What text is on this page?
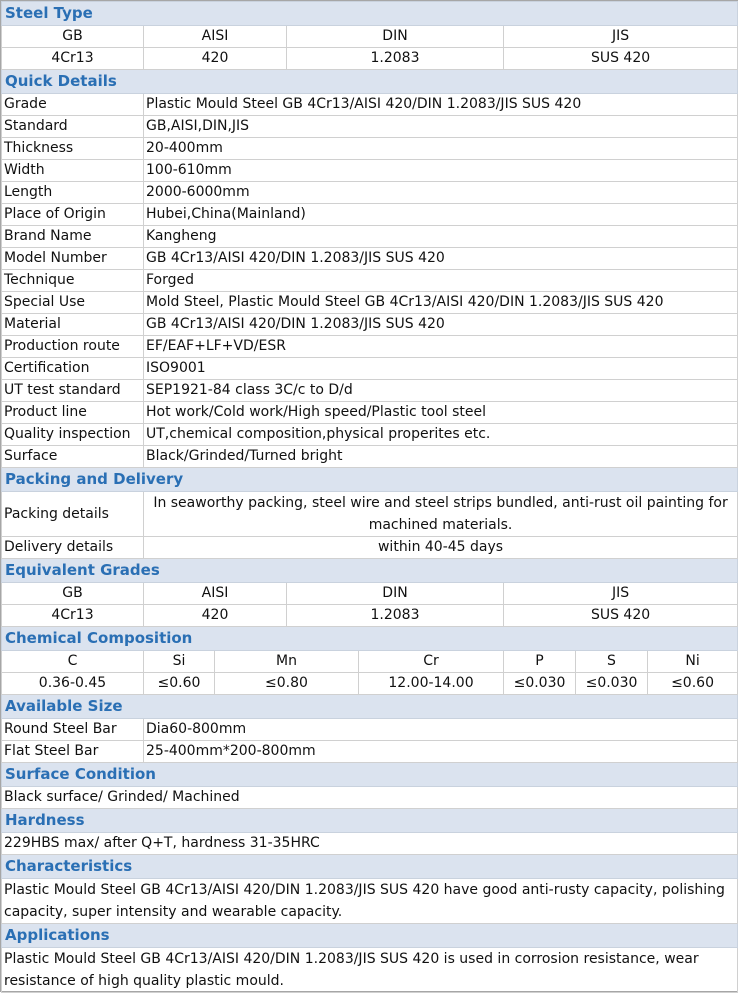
Steel Type							
GB	AISI		DIN		JIS		
4Cr13	420		1.2083		SUS 420		
Quick Details							
Grade	Plastic Mould Steel GB 4Cr13/AISI 420/DIN 1.2083/JIS SUS 420						
Standard	GB,AISI,DIN,JIS						
Thickness	20-400mm						
Width	100-610mm						
Length	2000-6000mm						
Place of Origin	Hubei,China(Mainland)						
Brand Name	Kangheng						
Model Number	GB 4Cr13/AISI 420/DIN 1.2083/JIS SUS 420						
Technique	Forged						
Special Use	Mold Steel, Plastic Mould Steel GB 4Cr13/AISI 420/DIN 1.2083/JIS SUS 420						
Material	GB 4Cr13/AISI 420/DIN 1.2083/JIS SUS 420						
Production route	EF/EAF+LF+VD/ESR						
Certification	ISO9001						
UT test standard	SEP1921-84 class 3C/c to D/d						
Product line	Hot work/Cold work/High speed/Plastic tool steel						
Quality inspection	UT,chemical composition,physical properites etc.						
Surface	Black/Grinded/Turned bright						
Packing and Delivery							
Packing details	In seaworthy packing, steel wire and steel strips bundled, anti-rust oil painting for machined materials.						
Delivery details	within 40-45 days						
Equivalent Grades							
GB	AISI		DIN		JIS		
4Cr13	420		1.2083		SUS 420		
Chemical Composition							
C	Si	Mn		Cr	P	S	Ni
0.36-0.45	≤0.60	≤0.80		12.00-14.00	≤0.030	≤0.030	≤0.60
Available Size							
Round Steel Bar	Dia60-800mm						
Flat Steel Bar	25-400mm*200-800mm						
Surface Condition							
Black surface/ Grinded/ Machined							
Hardness							
229HBS max/ after Q+T, hardness 31-35HRC							
Characteristics							
Plastic Mould Steel GB 4Cr13/AISI 420/DIN 1.2083/JIS SUS 420 have good anti-rusty capacity, polishing capacity, super intensity and wearable capacity.							
Applications							
Plastic Mould Steel GB 4Cr13/AISI 420/DIN 1.2083/JIS SUS 420 is used in corrosion resistance, wear resistance of high quality plastic mould.							
